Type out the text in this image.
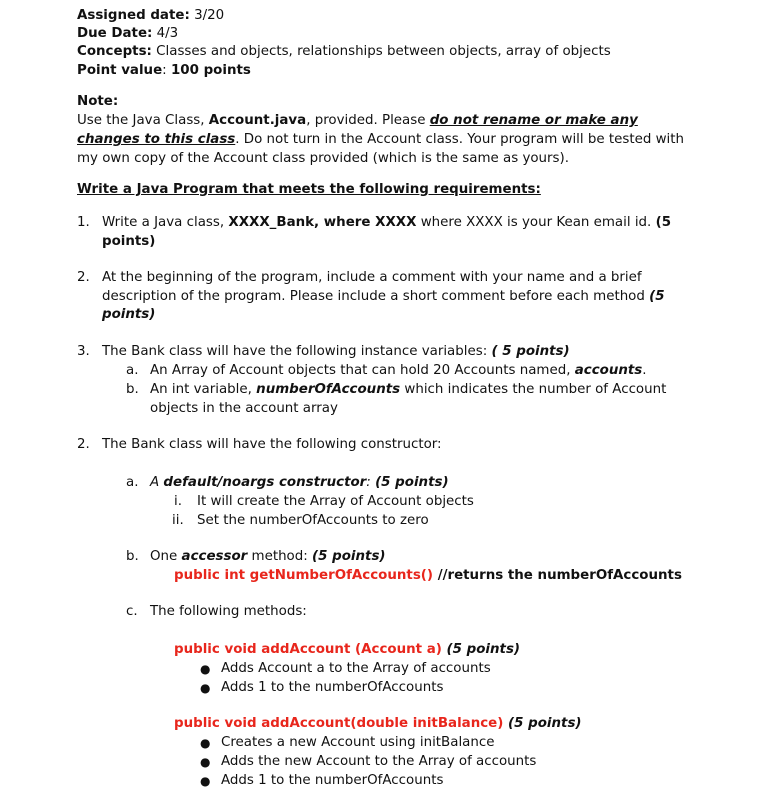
Assigned date: 3/20
Due Date: 4/3
Concepts: Classes and objects, relationships between objects, array of objects
Point value: 100 points
Note:
Use the Java Class, Account.java, provided. Please do not rename or make any
changes to this class. Do not turn in the Account class. Your program will be tested with
my own copy of the Account class provided (which is the same as yours).
Write a Java Program that meets the following requirements:
1. Write a Java class, XXXX_Bank, where XXXX where XXXX is your Kean email id. (5
points)
2. At the beginning of the program, include a comment with your name and a brief
description of the program. Please include a short comment before each method (5
points)
3. The Bank class will have the following instance variables: ( 5 points)
a. An Array of Account objects that can hold 20 Accounts named, accounts.
b. An int variable, numberOfAccounts which indicates the number of Account
objects in the account array
2. The Bank class will have the following constructor:
a. A default/noargs constructor: (5 points)
i. It will create the Array of Account objects
ii. Set the numberOfAccounts to zero
b. One accessor method: (5 points)
public int getNumberOfAccounts() //returns the numberOfAccounts
c. The following methods:
public void addAccount (Account a) (5 points)
● Adds Account a to the Array of accounts
● Adds 1 to the numberOfAccounts
public void addAccount(double initBalance) (5 points)
● Creates a new Account using initBalance
● Adds the new Account to the Array of accounts
● Adds 1 to the numberOfAccounts
